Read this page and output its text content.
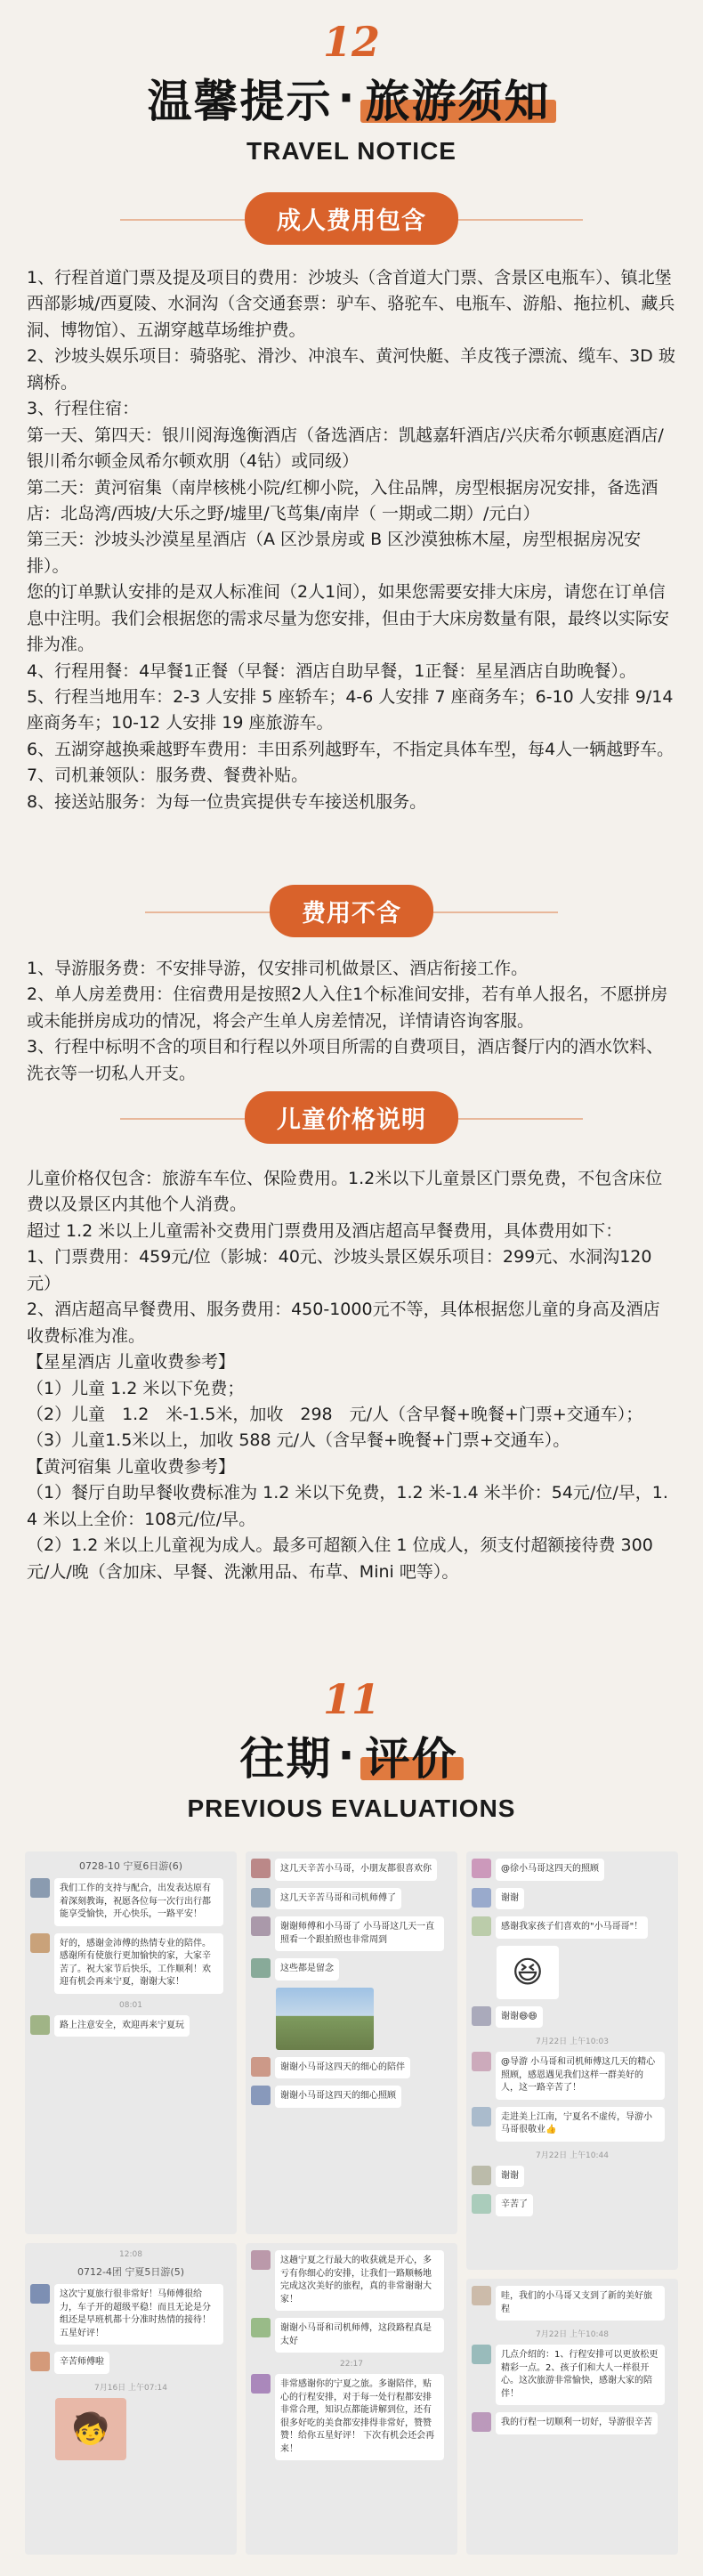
12
温馨提示 · 旅游须知
TRAVEL NOTICE
成人费用包含

1、行程首道门票及提及项目的费用：沙坡头（含首道大门票、含景区电瓶车）、镇北堡西部影城/西夏陵、水洞沟（含交通套票：驴车、骆驼车、电瓶车、游船、拖拉机、藏兵洞、博物馆）、五湖穿越草场维护费。

2、沙坡头娱乐项目：骑骆驼、滑沙、冲浪车、黄河快艇、羊皮筏子漂流、缆车、3D 玻璃桥。

3、行程住宿：

第一天、第四天：银川阅海逸衡酒店（备选酒店：凯越嘉轩酒店/兴庆希尔顿惠庭酒店/银川希尔顿金凤希尔顿欢朋（4钻）或同级）

第二天：黄河宿集（南岸核桃小院/红柳小院，入住品牌，房型根据房况安排，备选酒店：北岛湾/西坡/大乐之野/墟里/飞茑集/南岸（ 一期或二期）/元白）

第三天：沙坡头沙漠星星酒店（A 区沙景房或 B 区沙漠独栋木屋，房型根据房况安排）。

您的订单默认安排的是双人标准间（2人1间），如果您需要安排大床房，请您在订单信息中注明。我们会根据您的需求尽量为您安排，但由于大床房数量有限，最终以实际安排为准。

4、行程用餐：4早餐1正餐（早餐：酒店自助早餐，1正餐：星星酒店自助晚餐）。

5、行程当地用车：2-3 人安排 5 座轿车；4-6 人安排 7 座商务车；6-10 人安排 9/14 座商务车；10-12 人安排 19 座旅游车。

6、五湖穿越换乘越野车费用：丰田系列越野车，不指定具体车型，每4人一辆越野车。

7、司机兼领队：服务费、餐费补贴。

8、接送站服务：为每一位贵宾提供专车接送机服务。

费用不含

1、导游服务费：不安排导游，仅安排司机做景区、酒店衔接工作。

2、单人房差费用：住宿费用是按照2人入住1个标准间安排，若有单人报名，不愿拼房或未能拼房成功的情况，将会产生单人房差情况，详情请咨询客服。

3、行程中标明不含的项目和行程以外项目所需的自费项目，酒店餐厅内的酒水饮料、洗衣等一切私人开支。

儿童价格说明

儿童价格仅包含：旅游车车位、保险费用。1.2米以下儿童景区门票免费，不包含床位费以及景区内其他个人消费。

超过 1.2 米以上儿童需补交费用门票费用及酒店超高早餐费用，具体费用如下：

1、门票费用：459元/位（影城：40元、沙坡头景区娱乐项目：299元、水洞沟120元）

2、酒店超高早餐费用、服务费用：450-1000元不等，具体根据您儿童的身高及酒店收费标准为准。

【星星酒店 儿童收费参考】

（1）儿童 1.2 米以下免费；

（2）儿童　1.2　米-1.5米，加收　298　元/人（含早餐+晚餐+门票+交通车）；

（3）儿童1.5米以上，加收 588 元/人（含早餐+晚餐+门票+交通车）。

【黄河宿集 儿童收费参考】

（1）餐厅自助早餐收费标准为 1.2 米以下免费，1.2 米-1.4 米半价：54元/位/早，1.4 米以上全价：108元/位/早。

（2）1.2 米以上儿童视为成人。最多可超额入住 1 位成人，须支付超额接待费 300 元/人/晚（含加床、早餐、洗漱用品、布草、Mini 吧等）。

11
往期 · 评价
PREVIOUS EVALUATIONS
0728-10 宁夏6日游(6)
我们工作的支持与配合，出发表达原有着深刻教诲，祝愿各位每一次行出行都能享受愉快，开心快乐，一路平安！
好的，感谢金沛傅的热情专业的陪伴。感谢所有使旅行更加愉快的家，大家辛苦了。祝大家节后快乐，工作顺利！欢迎有机会再来宁夏，谢谢大家！
08:01
路上注意安全，欢迎再来宁夏玩
12:08
0712-4团 宁夏5日游(5)
这次宁夏旅行很非常好！马师傅很给力，车子开的超级平稳！而且无论是分组还是早班机都十分准时热情的接待！五星好评！
辛苦师傅啦
7月16日 上午07:14
🧒
这几天辛苦小马哥，小朋友都很喜欢你
这几天辛苦马哥和司机师傅了
谢谢师傅和小马哥了 小马哥这几天一直照看一个跟拍照也非常周到
这些都是留念
谢谢小马哥这四天的细心的陪伴
谢谢小马哥这四天的细心照顾
这趟宁夏之行最大的收获就是开心，多亏有你细心的安排，让我们一路顺畅地完成这次美好的旅程，真的非常谢谢大家！
谢谢小马哥和司机师傅，这段路程真是太好
22:17
非常感谢你的宁夏之旅。多谢陪伴，贴心的行程安排，对于每一处行程都安排非常合理，知识点都能讲解到位，还有很多好吃的美食都安排得非常好，赞赞赞！给你五星好评！ 下次有机会还会再来！
@徐小马哥这四天的照顾
谢谢
感谢我家孩子们喜欢的"小马哥哥"！
😆
谢谢😄😄
7月22日 上午10:03
@导游 小马哥和司机师傅这几天的精心照顾，感恩遇见我们这样一群美好的人，这一路辛苦了！
走进美上江南，宁夏名不虚传，导游小马哥很敬业👍
7月22日 上午10:44
谢谢
辛苦了
哇，我们的小马哥又支到了新的美好旅程
7月22日 上午10:48
几点介绍的：1、行程安排可以更放松更精彩一点。2、孩子们和大人一样很开心。这次旅游非常愉快，感谢大家的陪伴！
我的行程一切顺利一切好，导游很辛苦
